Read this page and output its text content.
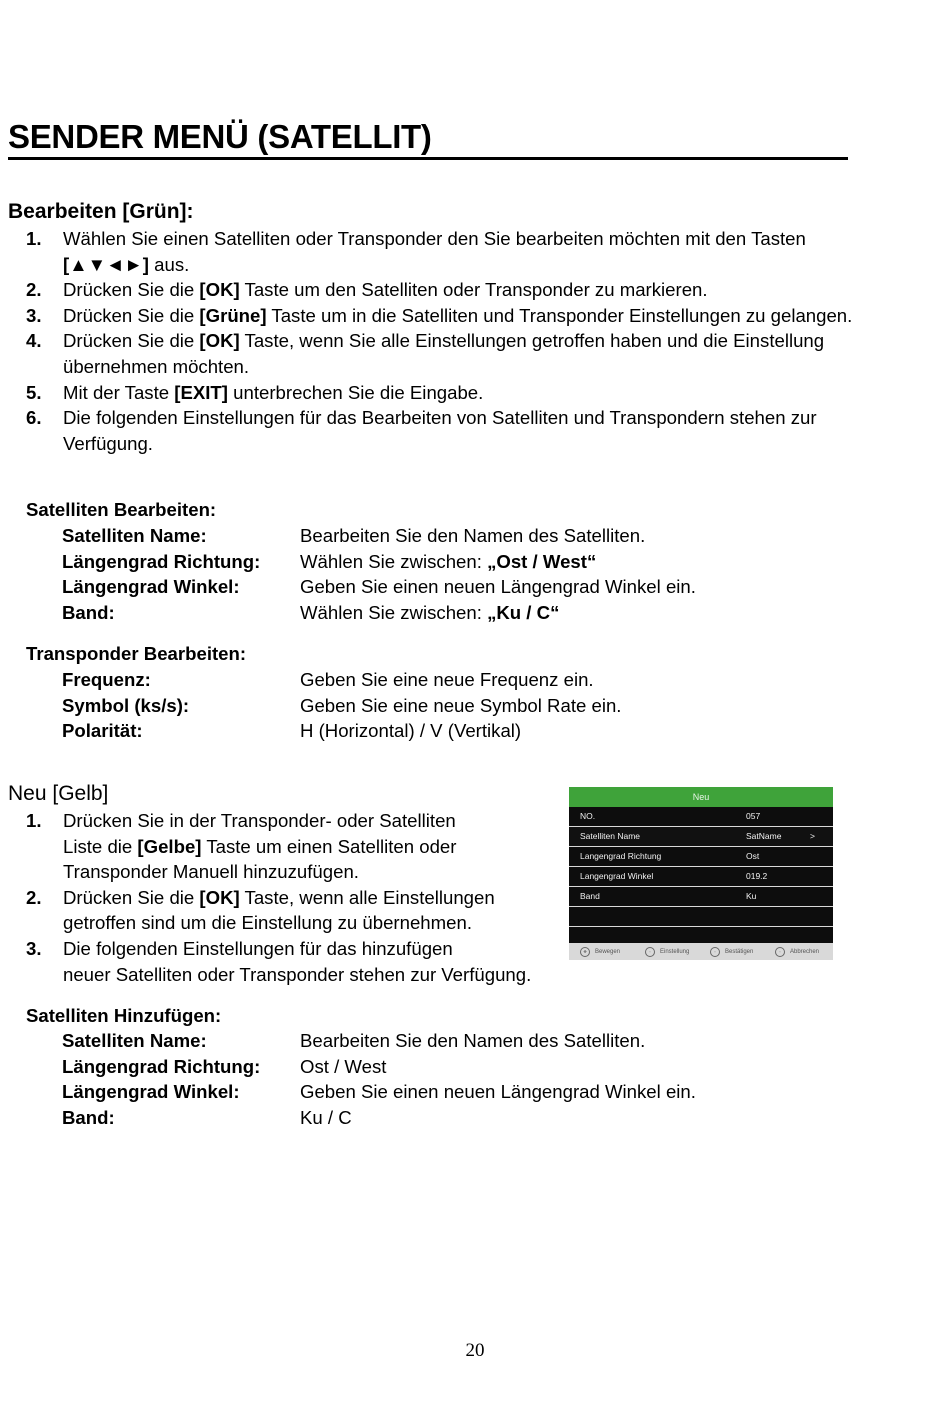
SENDER MENÜ (SATELLIT)
Bearbeiten [Grün]:
1. Wählen Sie einen Satelliten oder Transponder den Sie bearbeiten möchten mit den Tasten
[▲▼◄►] aus.
2. Drücken Sie die [OK] Taste um den Satelliten oder Transponder zu markieren.
3. Drücken Sie die [Grüne] Taste um in die Satelliten und Transponder Einstellungen zu gelangen.
4. Drücken Sie die [OK] Taste, wenn Sie alle Einstellungen getroffen haben und die Einstellung übernehmen möchten.
5. Mit der Taste [EXIT] unterbrechen Sie die Eingabe.
6. Die folgenden Einstellungen für das Bearbeiten von Satelliten und Transpondern stehen zur Verfügung.
Satelliten Bearbeiten:
Satelliten Name:	Bearbeiten Sie den Namen des Satelliten.
Längengrad Richtung:	Wählen Sie zwischen: „Ost / West“
Längengrad Winkel:	Geben Sie einen neuen Längengrad Winkel ein.
Band:	Wählen Sie zwischen: „Ku / C“
Transponder Bearbeiten:
Frequenz:	Geben Sie eine neue Frequenz ein.
Symbol (ks/s):	Geben Sie eine neue Symbol Rate ein.
Polarität:	H (Horizontal) / V (Vertikal)
Neu [Gelb]
1. Drücken Sie in der Transponder- oder Satelliten
Liste die [Gelbe] Taste um einen Satelliten oder
Transponder Manuell hinzuzufügen.
2. Drücken Sie die [OK] Taste, wenn alle Einstellungen
getroffen sind um die Einstellung zu übernehmen.
3. Die folgenden Einstellungen für das hinzufügen
neuer Satelliten oder Transponder stehen zur Verfügung.
Neu
NO.	057
Satelliten Name	SatName	>
Langengrad Richtung	Ost
Langengrad Winkel	019.2
Band	Ku
✥	Bewegen	◦	Einstellung	◦	Bestätigen	◦	Abbrechen
Satelliten Hinzufügen:
Satelliten Name:	Bearbeiten Sie den Namen des Satelliten.
Längengrad Richtung:	Ost / West
Längengrad Winkel:	Geben Sie einen neuen Längengrad Winkel ein.
Band:	Ku / C
20
